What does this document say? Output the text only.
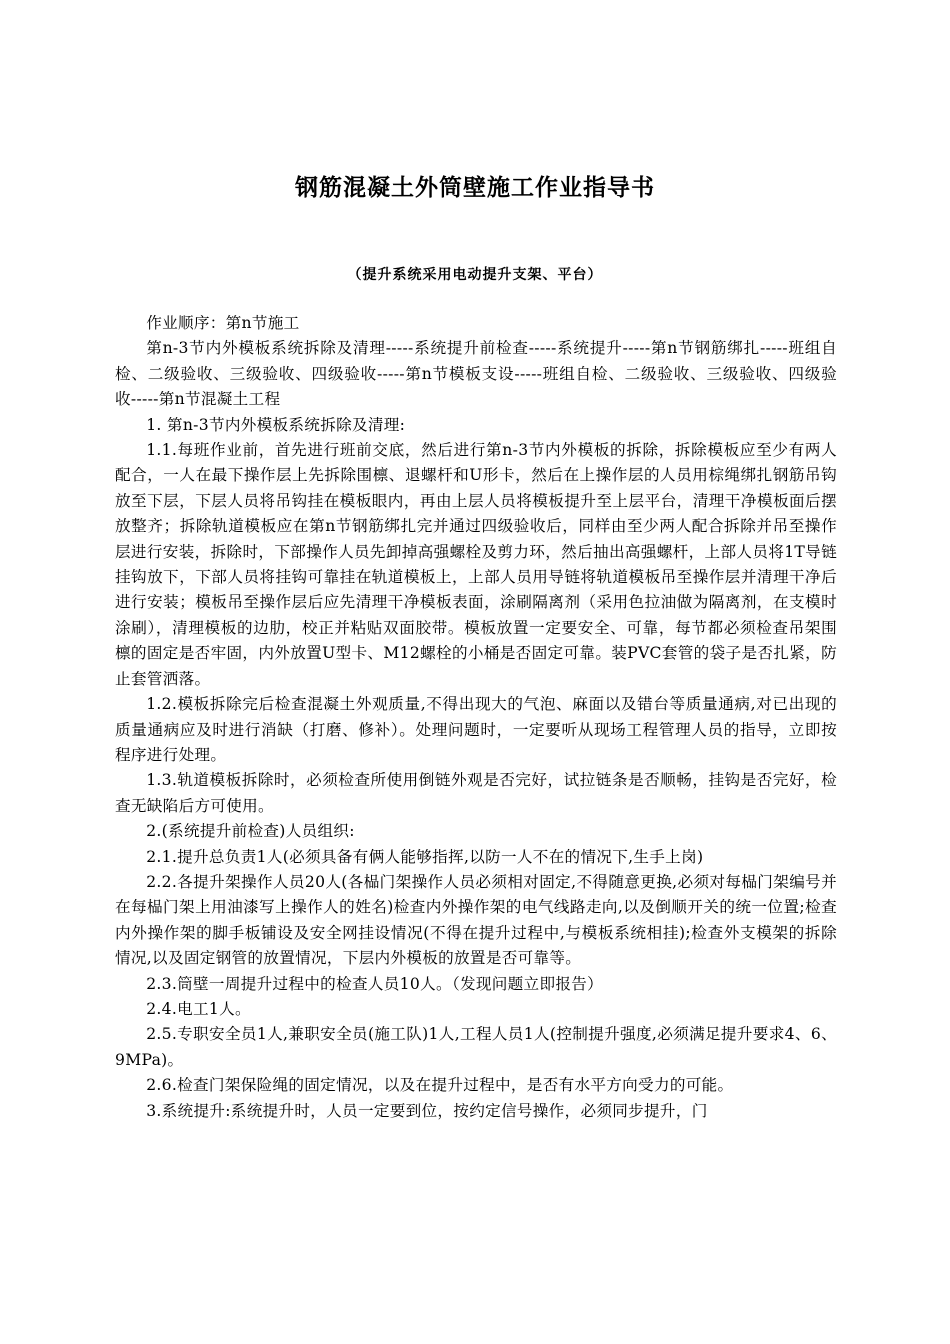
钢筋混凝土外筒壁施工作业指导书
（提升系统采用电动提升支架、平台）

作业顺序：第n节施工

第n-3节内外模板系统拆除及清理-----系统提升前检查-----系统提升-----第n节钢筋绑扎-----班组自检、二级验收、三级验收、四级验收-----第n节模板支设-----班组自检、二级验收、三级验收、四级验收-----第n节混凝土工程

1. 第n-3节内外模板系统拆除及清理:

1.1.每班作业前，首先进行班前交底，然后进行第n-3节内外模板的拆除，拆除模板应至少有两人配合，一人在最下操作层上先拆除围檩、退螺杆和U形卡，然后在上操作层的人员用棕绳绑扎钢筋吊钩放至下层，下层人员将吊钩挂在模板眼内，再由上层人员将模板提升至上层平台，清理干净模板面后摆放整齐；拆除轨道模板应在第n节钢筋绑扎完并通过四级验收后，同样由至少两人配合拆除并吊至操作层进行安装，拆除时，下部操作人员先卸掉高强螺栓及剪力环，然后抽出高强螺杆，上部人员将1T导链挂钩放下，下部人员将挂钩可靠挂在轨道模板上，上部人员用导链将轨道模板吊至操作层并清理干净后进行安装；模板吊至操作层后应先清理干净模板表面，涂刷隔离剂（采用色拉油做为隔离剂，在支模时涂刷），清理模板的边肋，校正并粘贴双面胶带。模板放置一定要安全、可靠，每节都必须检查吊架围檩的固定是否牢固，内外放置U型卡、M12螺栓的小桶是否固定可靠。装PVC套管的袋子是否扎紧，防止套管洒落。

1.2.模板拆除完后检查混凝土外观质量,不得出现大的气泡、麻面以及错台等质量通病,对已出现的质量通病应及时进行消缺（打磨、修补）。处理问题时，一定要听从现场工程管理人员的指导，立即按程序进行处理。

1.3.轨道模板拆除时，必须检查所使用倒链外观是否完好，试拉链条是否顺畅，挂钩是否完好，检查无缺陷后方可使用。

2.(系统提升前检查)人员组织:

2.1.提升总负责1人(必须具备有俩人能够指挥,以防一人不在的情况下,生手上岗)

2.2.各提升架操作人员20人(各榀门架操作人员必须相对固定,不得随意更换,必须对每榀门架编号并在每榀门架上用油漆写上操作人的姓名)检查内外操作架的电气线路走向,以及倒顺开关的统一位置;检查内外操作架的脚手板铺设及安全网挂设情况(不得在提升过程中,与模板系统相挂);检查外支模架的拆除情况,以及固定钢管的放置情况，下层内外模板的放置是否可靠等。

2.3.筒壁一周提升过程中的检查人员10人。（发现问题立即报告）

2.4.电工1人。

2.5.专职安全员1人,兼职安全员(施工队)1人,工程人员1人(控制提升强度,必须满足提升要求4、6、9MPa)。

2.6.检查门架保险绳的固定情况，以及在提升过程中，是否有水平方向受力的可能。

3.系统提升:系统提升时，人员一定要到位，按约定信号操作，必须同步提升，门
